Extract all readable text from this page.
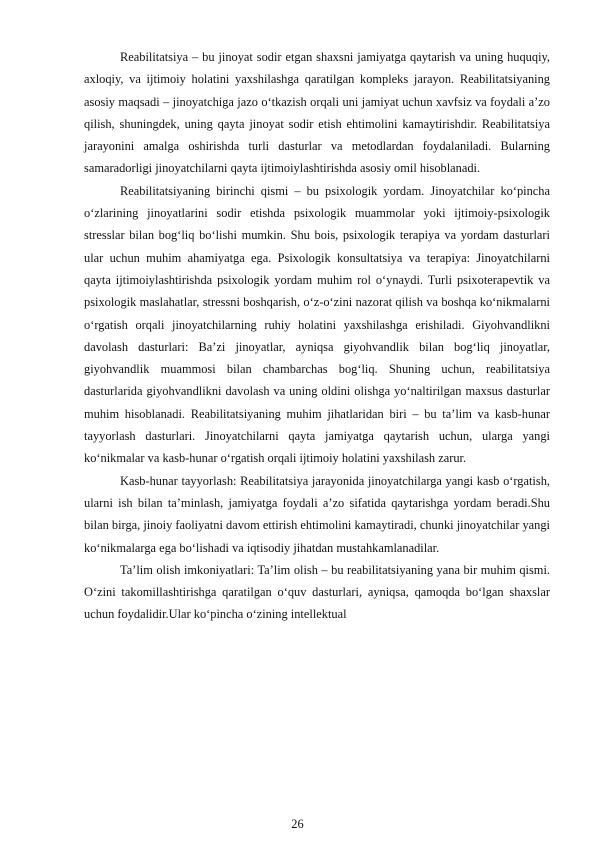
Reabilitatsiya – bu jinoyat sodir etgan shaxsni jamiyatga qaytarish va uning huquqiy, axloqiy, va ijtimoiy holatini yaxshilashga qaratilgan kompleks jarayon. Reabilitatsiyaning asosiy maqsadi – jinoyatchiga jazo o‘tkazish orqali uni jamiyat uchun xavfsiz va foydali a’zo qilish, shuningdek, uning qayta jinoyat sodir etish ehtimolini kamaytirishdir. Reabilitatsiya jarayonini amalga oshirishda turli dasturlar va metodlardan foydalaniladi. Bularning samaradorligi jinoyatchilarni qayta ijtimoiylashtirishda asosiy omil hisoblanadi.

Reabilitatsiyaning birinchi qismi – bu psixologik yordam. Jinoyatchilar ko‘pincha o‘zlarining jinoyatlarini sodir etishda psixologik muammolar yoki ijtimoiy-psixologik stresslar bilan bog‘liq bo‘lishi mumkin. Shu bois, psixologik terapiya va yordam dasturlari ular uchun muhim ahamiyatga ega. Psixologik konsultatsiya va terapiya: Jinoyatchilarni qayta ijtimoiylashtirishda psixologik yordam muhim rol o‘ynaydi. Turli psixoterapevtik va psixologik maslahatlar, stressni boshqarish, o‘z-o‘zini nazorat qilish va boshqa ko‘nikmalarni o‘rgatish orqali jinoyatchilarning ruhiy holatini yaxshilashga erishiladi. Giyohvandlikni davolash dasturlari: Ba’zi jinoyatlar, ayniqsa giyohvandlik bilan bog‘liq jinoyatlar, giyohvandlik muammosi bilan chambarchas bog‘liq. Shuning uchun, reabilitatsiya dasturlarida giyohvandlikni davolash va uning oldini olishga yo‘naltirilgan maxsus dasturlar muhim hisoblanadi. Reabilitatsiyaning muhim jihatlaridan biri – bu ta’lim va kasb-hunar tayyorlash dasturlari. Jinoyatchilarni qayta jamiyatga qaytarish uchun, ularga yangi ko‘nikmalar va kasb-hunar o‘rgatish orqali ijtimoiy holatini yaxshilash zarur.

Kasb-hunar tayyorlash: Reabilitatsiya jarayonida jinoyatchilarga yangi kasb o‘rgatish, ularni ish bilan ta’minlash, jamiyatga foydali a’zo sifatida qaytarishga yordam beradi.Shu bilan birga, jinoiy faoliyatni davom ettirish ehtimolini kamaytiradi, chunki jinoyatchilar yangi ko‘nikmalarga ega bo‘lishadi va iqtisodiy jihatdan mustahkamlanadilar.

Ta’lim olish imkoniyatlari: Ta’lim olish – bu reabilitatsiyaning yana bir muhim qismi. O‘zini takomillashtirishga qaratilgan o‘quv dasturlari, ayniqsa, qamoqda bo‘lgan shaxslar uchun foydalidir.Ular ko‘pincha o‘zining intellektual

26
